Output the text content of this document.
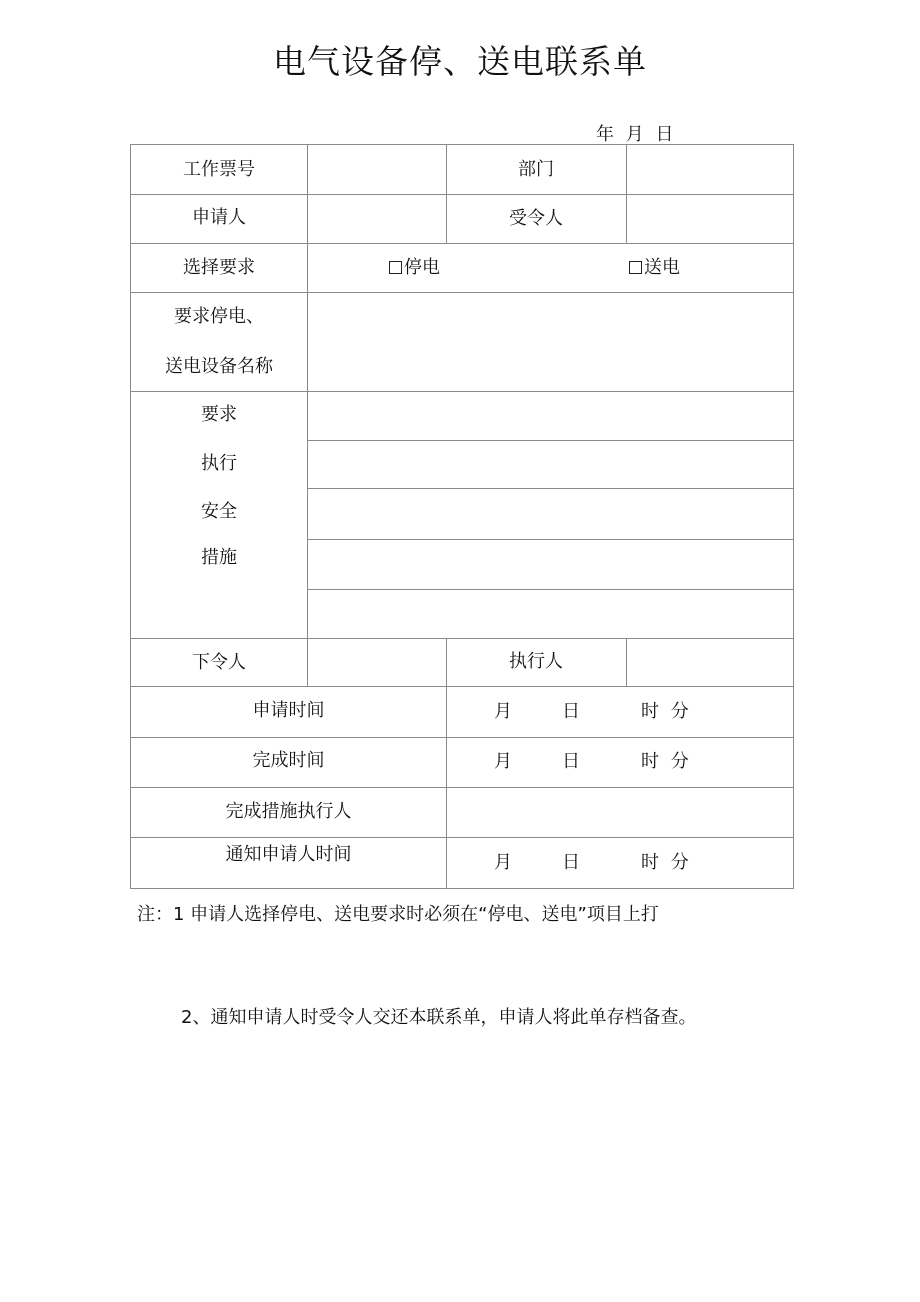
电气设备停、送电联系单
年 月 日
工作票号	部门
申请人	受令人
选择要求	停电	送电
要求停电、
送电设备名称
要求
执行
安全
措施
下令人	执行人
申请时间	月	日	时 分
完成时间	月	日	时 分
完成措施执行人
通知申请人时间	月	日	时 分
注：1 申请人选择停电、送电要求时必须在“停电、送电”项目上打
2、通知申请人时受令人交还本联系单，申请人将此单存档备查。
